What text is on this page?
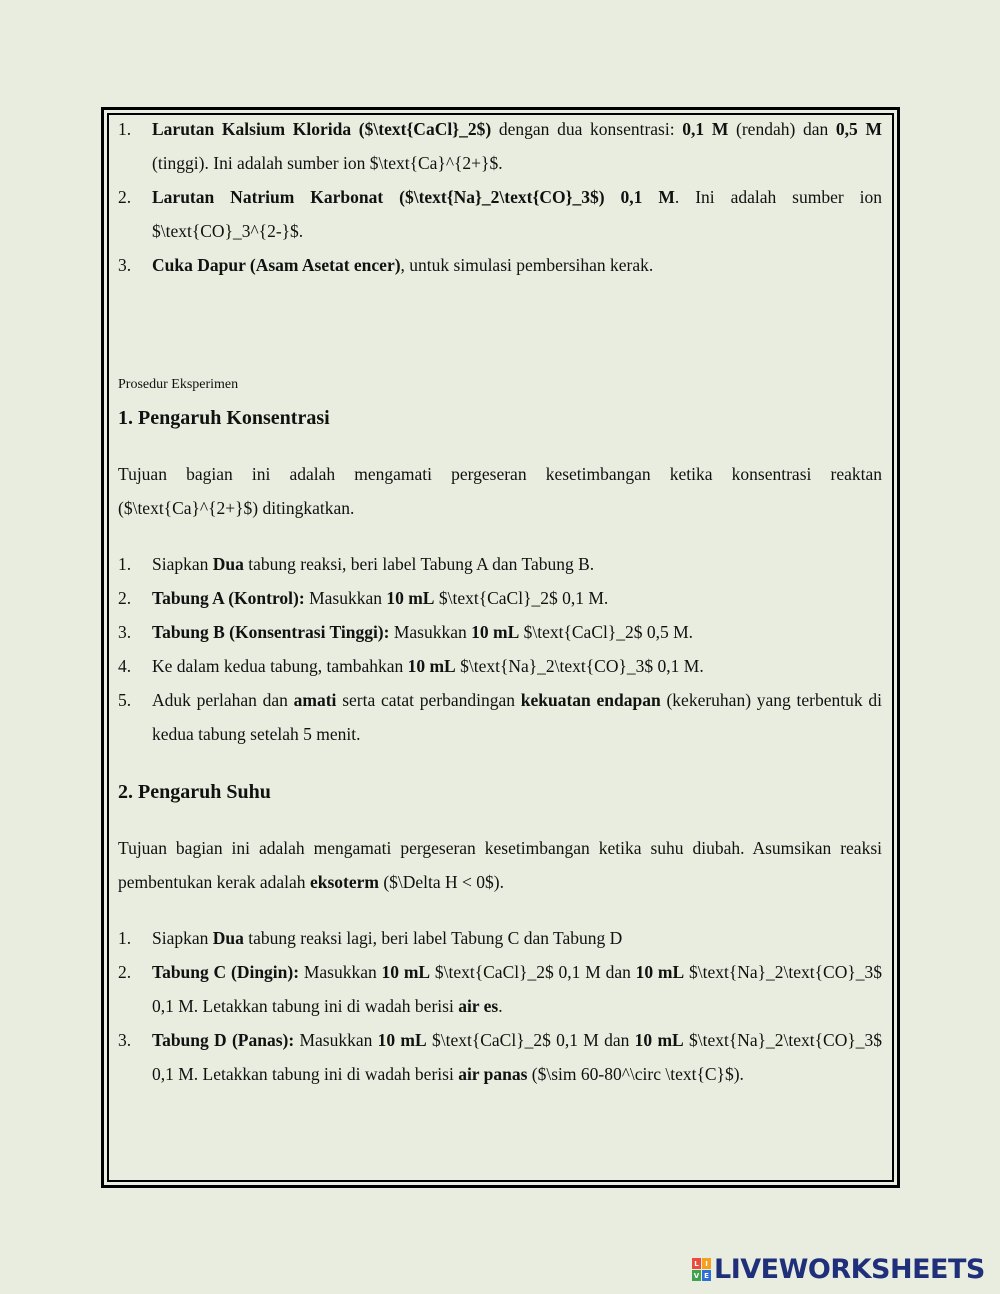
1. Larutan Kalsium Klorida ($\text{CaCl}_2$) dengan dua konsentrasi: 0,1 M (rendah) dan 0,5 M (tinggi). Ini adalah sumber ion $\text{Ca}^{2+}$.
2. Larutan Natrium Karbonat ($\text{Na}_2\text{CO}_3$) 0,1 M. Ini adalah sumber ion $\text{CO}_3^{2-}$.
3. Cuka Dapur (Asam Asetat encer), untuk simulasi pembersihan kerak.
Prosedur Eksperimen
1. Pengaruh Konsentrasi

Tujuan bagian ini adalah mengamati pergeseran kesetimbangan ketika konsentrasi reaktan ($\text{Ca}^{2+}$) ditingkatkan.

1. Siapkan Dua tabung reaksi, beri label Tabung A dan Tabung B.
2. Tabung A (Kontrol): Masukkan 10 mL $\text{CaCl}_2$ 0,1 M.
3. Tabung B (Konsentrasi Tinggi): Masukkan 10 mL $\text{CaCl}_2$ 0,5 M.
4. Ke dalam kedua tabung, tambahkan 10 mL $\text{Na}_2\text{CO}_3$ 0,1 M.
5. Aduk perlahan dan amati serta catat perbandingan kekuatan endapan (kekeruhan) yang terbentuk di kedua tabung setelah 5 menit.
2. Pengaruh Suhu

Tujuan bagian ini adalah mengamati pergeseran kesetimbangan ketika suhu diubah. Asumsikan reaksi pembentukan kerak adalah eksoterm ($\Delta H < 0$).

1. Siapkan Dua tabung reaksi lagi, beri label Tabung C dan Tabung D
2. Tabung C (Dingin): Masukkan 10 mL $\text{CaCl}_2$ 0,1 M dan 10 mL $\text{Na}_2\text{CO}_3$ 0,1 M. Letakkan tabung ini di wadah berisi air es.
3. Tabung D (Panas): Masukkan 10 mL $\text{CaCl}_2$ 0,1 M dan 10 mL $\text{Na}_2\text{CO}_3$ 0,1 M. Letakkan tabung ini di wadah berisi air panas ($\sim 60-80^\circ \text{C}$).
L I
V E LIVEWORKSHEETS
